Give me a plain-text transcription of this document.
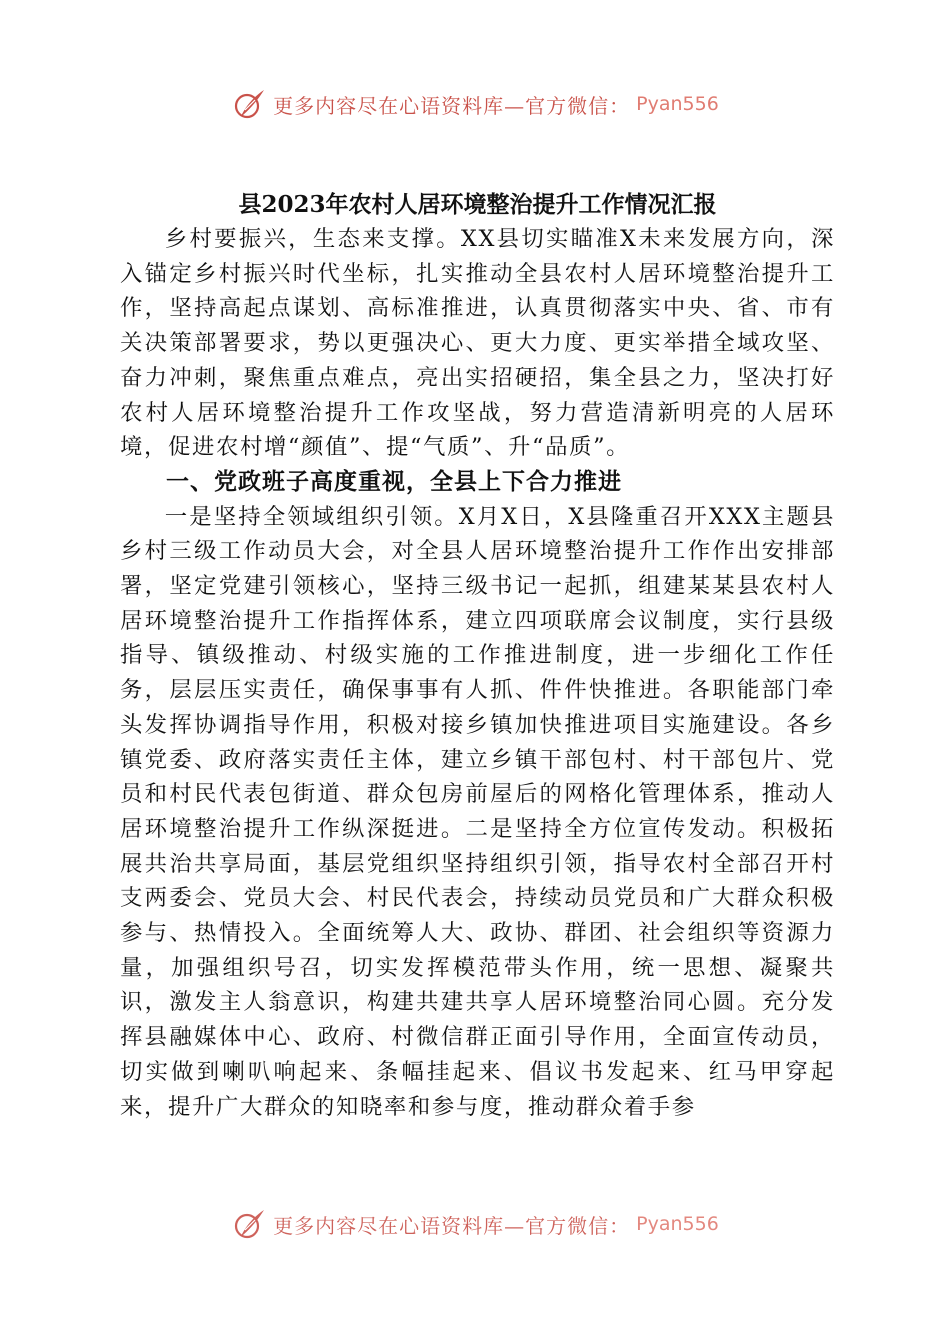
更多内容尽在心语资料库—官方微信： Pyan556
县2023年农村人居环境整治提升工作情况汇报

乡村要振兴，生态来支撑。XX县切实瞄准X未来发展方向，深入锚定乡村振兴时代坐标，扎实推动全县农村人居环境整治提升工作，坚持高起点谋划、高标准推进，认真贯彻落实中央、省、市有关决策部署要求，势以更强决心、更大力度、更实举措全域攻坚、奋力冲刺，聚焦重点难点，亮出实招硬招，集全县之力，坚决打好农村人居环境整治提升工作攻坚战，努力营造清新明亮的人居环境，促进农村增“颜值”、提“气质”、升“品质”。

一、党政班子高度重视，全县上下合力推进

一是坚持全领域组织引领。X月X日，X县隆重召开XXX主题县乡村三级工作动员大会，对全县人居环境整治提升工作作出安排部署，坚定党建引领核心，坚持三级书记一起抓，组建某某县农村人居环境整治提升工作指挥体系，建立四项联席会议制度，实行县级指导、镇级推动、村级实施的工作推进制度，进一步细化工作任务，层层压实责任，确保事事有人抓、件件快推进。各职能部门牵头发挥协调指导作用，积极对接乡镇加快推进项目实施建设。各乡镇党委、政府落实责任主体，建立乡镇干部包村、村干部包片、党员和村民代表包街道、群众包房前屋后的网格化管理体系，推动人居环境整治提升工作纵深挺进。二是坚持全方位宣传发动。积极拓展共治共享局面，基层党组织坚持组织引领，指导农村全部召开村支两委会、党员大会、村民代表会，持续动员党员和广大群众积极参与、热情投入。全面统筹人大、政协、群团、社会组织等资源力量，加强组织号召，切实发挥模范带头作用，统一思想、凝聚共识，激发主人翁意识，构建共建共享人居环境整治同心圆。充分发挥县融媒体中心、政府、村微信群正面引导作用，全面宣传动员，切实做到喇叭响起来、条幅挂起来、倡议书发起来、红马甲穿起来，提升广大群众的知晓率和参与度，推动群众着手参

更多内容尽在心语资料库—官方微信： Pyan556
